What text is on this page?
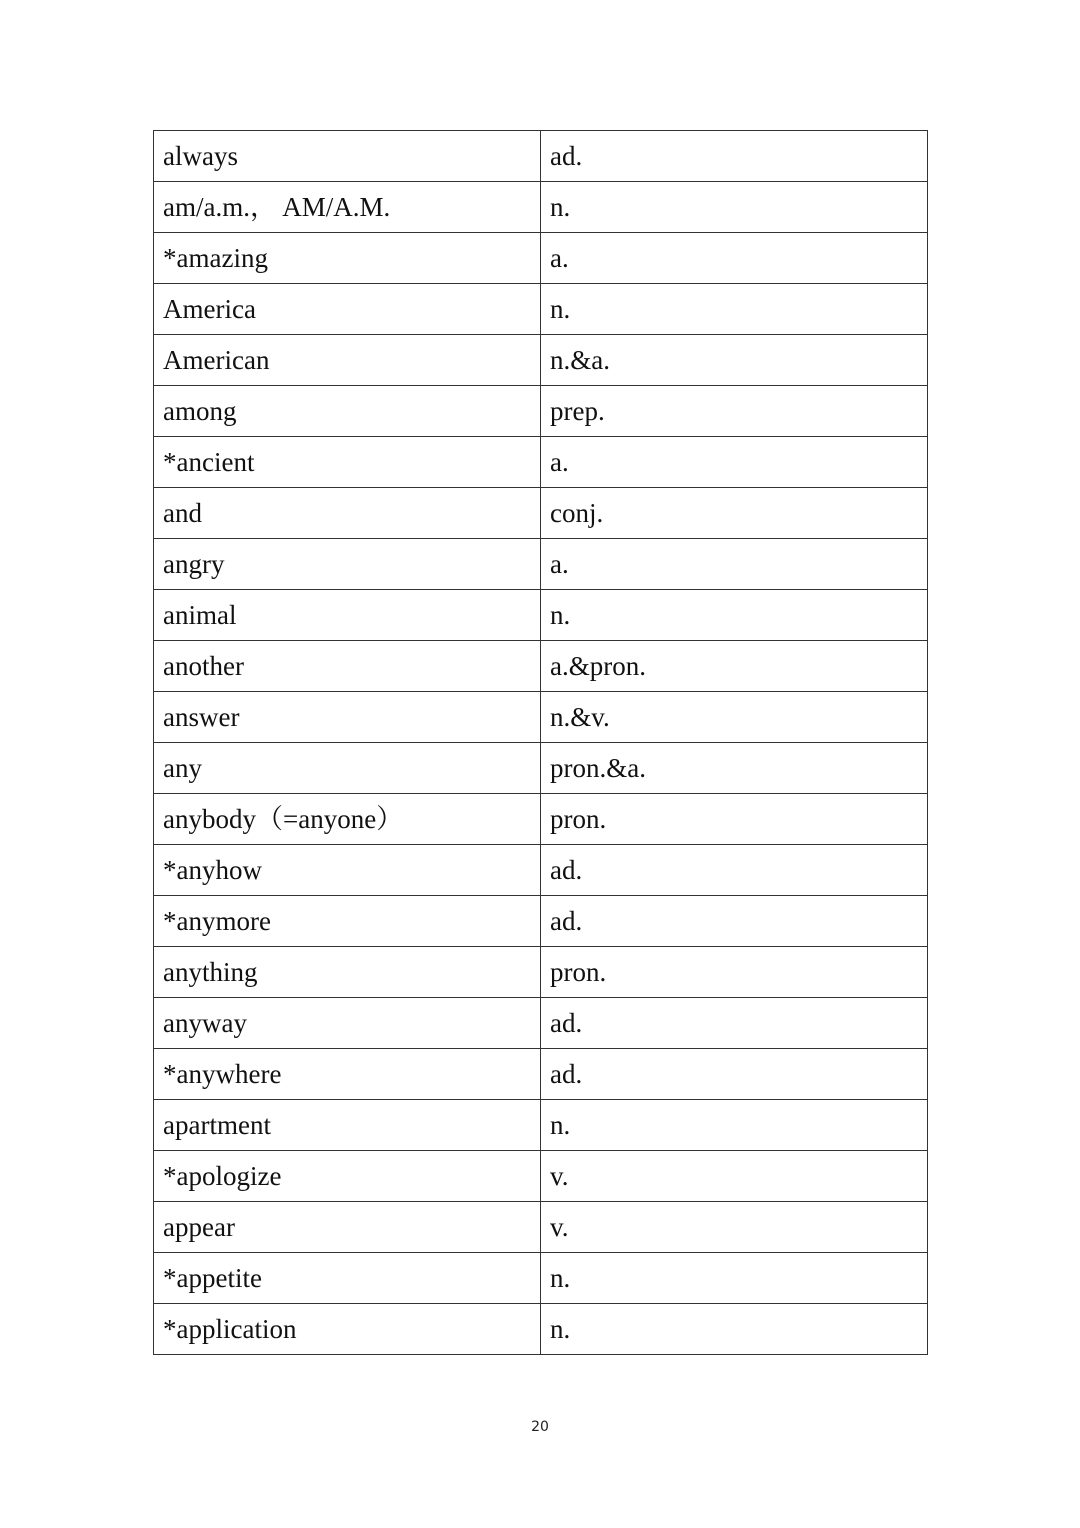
always	ad.
am/a.m.， AM/A.M.	n.
*amazing	a.
America	n.
American	n.&a.
among	prep.
*ancient	a.
and	conj.
angry	a.
animal	n.
another	a.&pron.
answer	n.&v.
any	pron.&a.
anybody（=anyone）	pron.
*anyhow	ad.
*anymore	ad.
anything	pron.
anyway	ad.
*anywhere	ad.
apartment	n.
*apologize	v.
appear	v.
*appetite	n.
*application	n.
20
